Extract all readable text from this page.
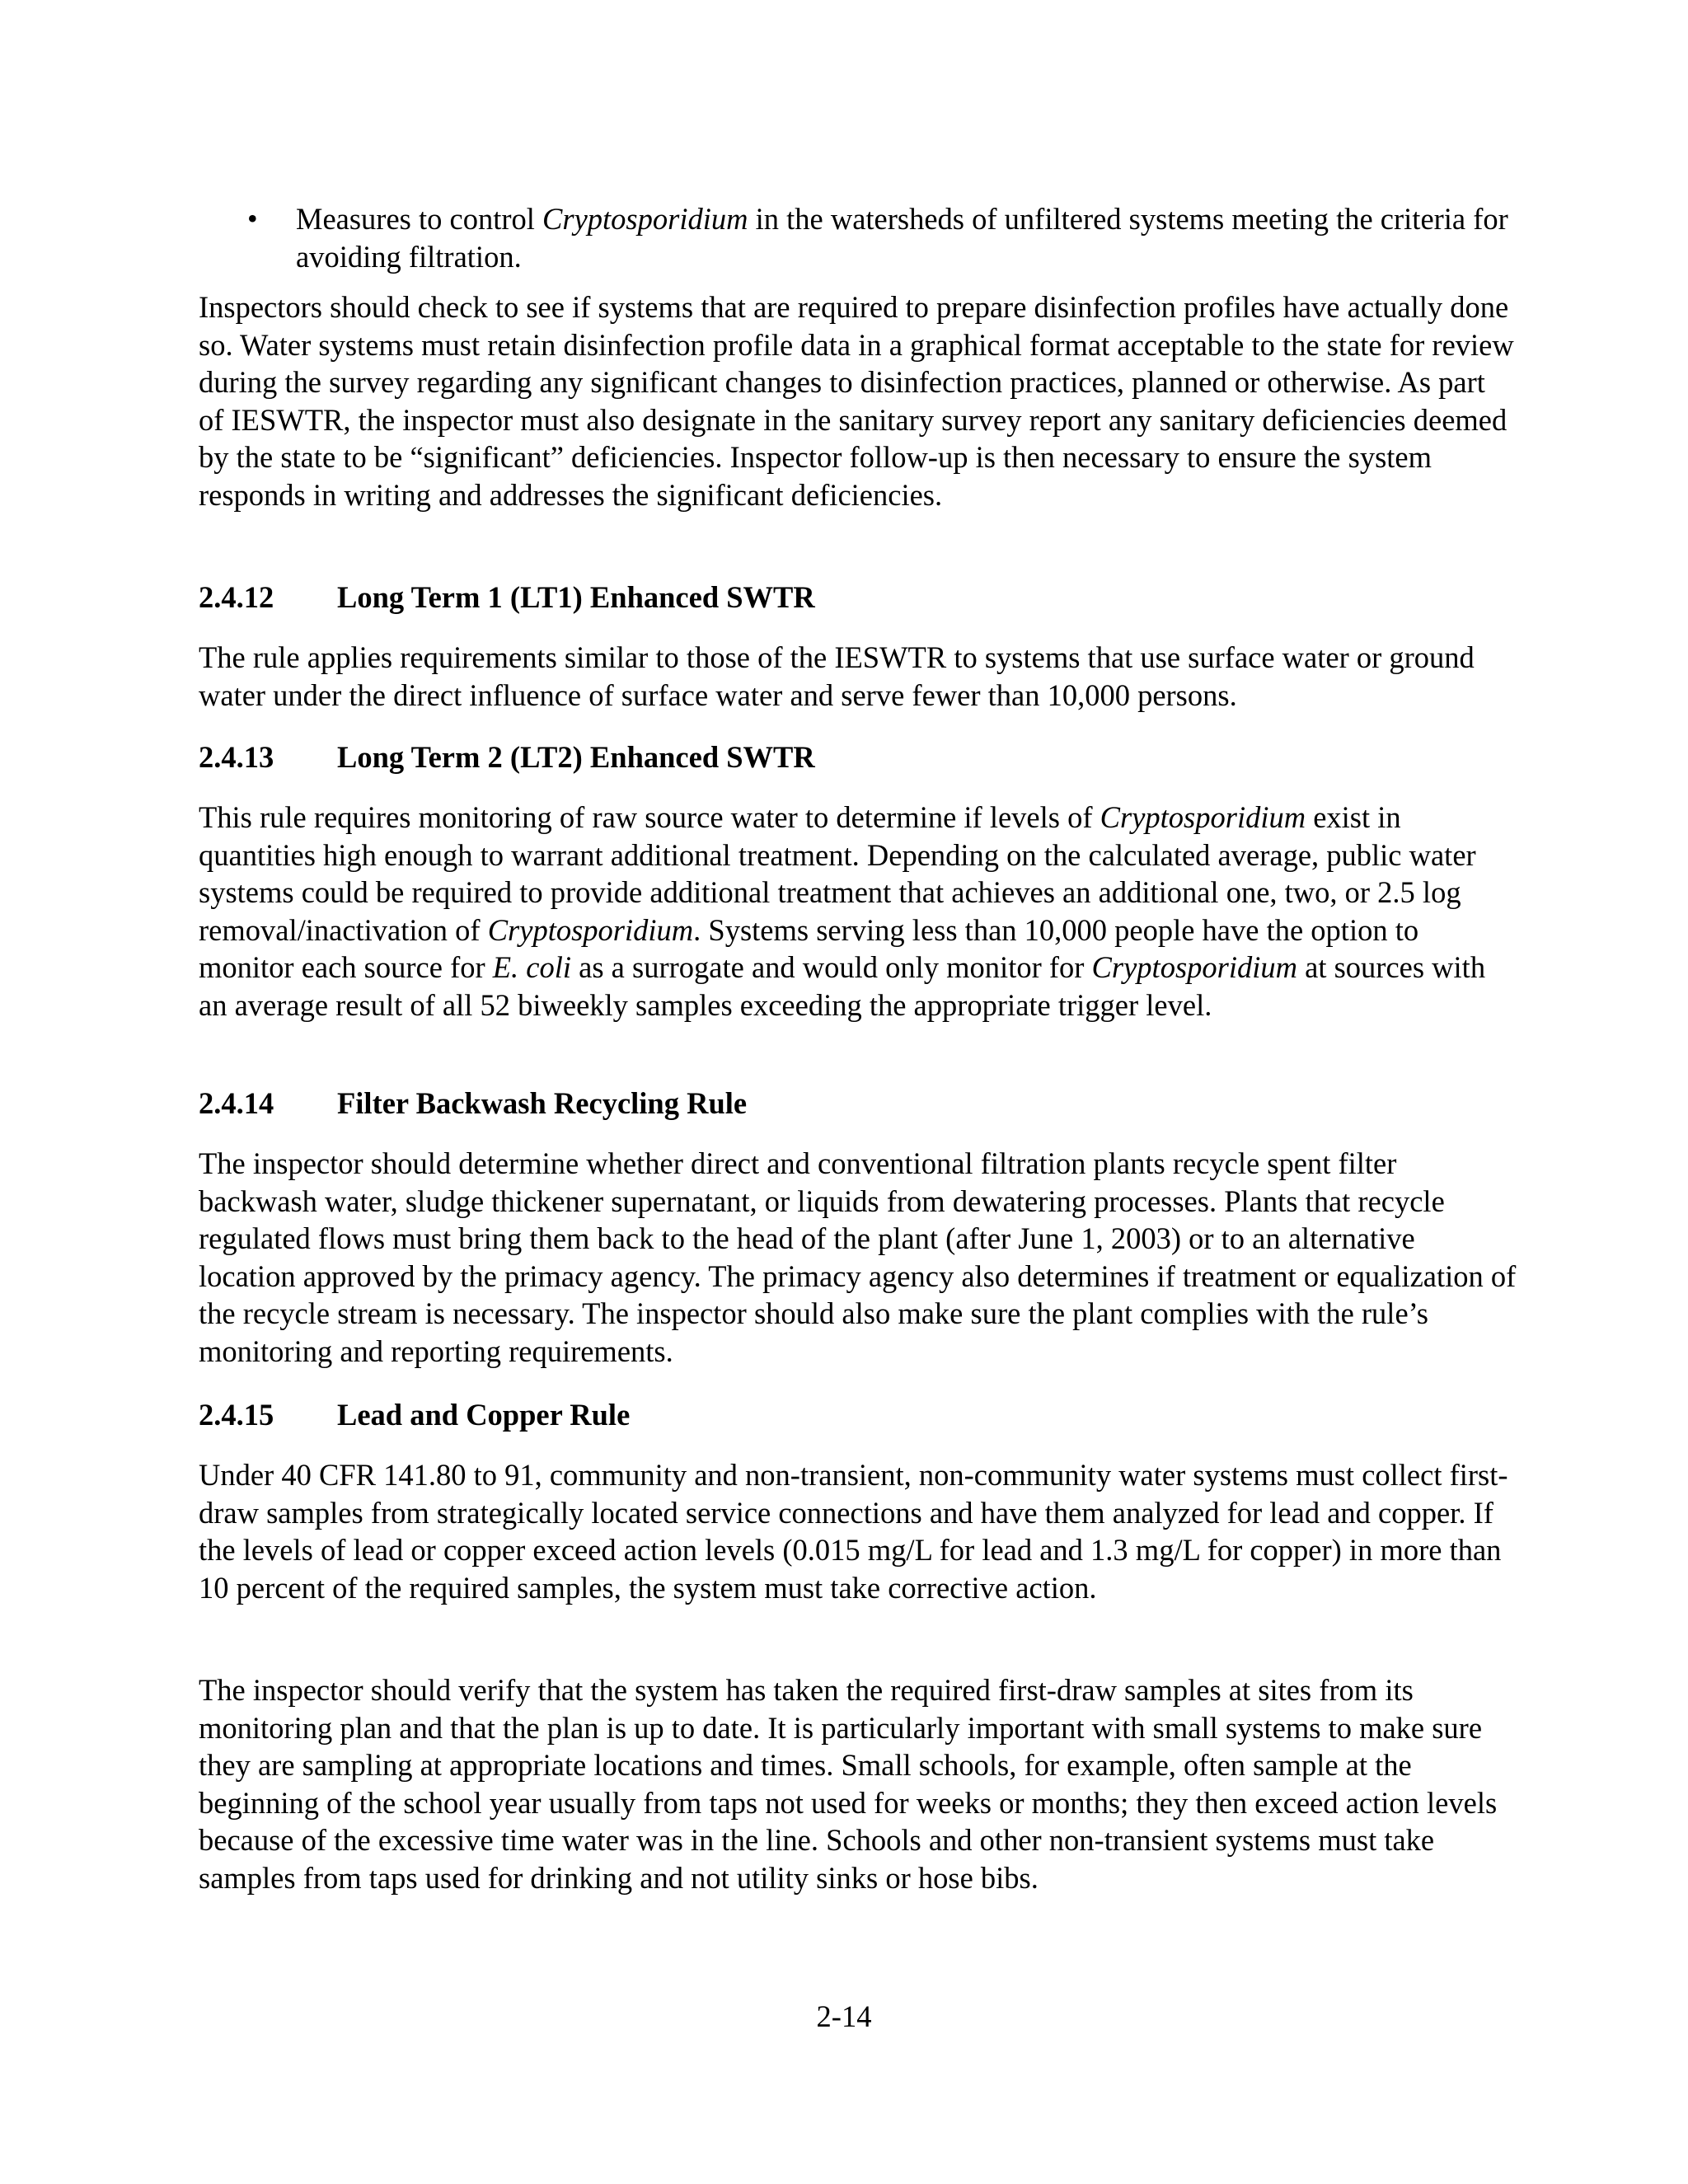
• Measures to control Cryptosporidium in the watersheds of unfiltered systems meeting the criteria for avoiding filtration.

Inspectors should check to see if systems that are required to prepare disinfection profiles have actually done so. Water systems must retain disinfection profile data in a graphical format acceptable to the state for review during the survey regarding any significant changes to disinfection practices, planned or otherwise. As part of IESWTR, the inspector must also designate in the sanitary survey report any sanitary deficiencies deemed by the state to be “significant” deficiencies. Inspector follow-up is then necessary to ensure the system responds in writing and addresses the significant deficiencies.

2.4.12 Long Term 1 (LT1) Enhanced SWTR

The rule applies requirements similar to those of the IESWTR to systems that use surface water or ground water under the direct influence of surface water and serve fewer than 10,000 persons.

2.4.13 Long Term 2 (LT2) Enhanced SWTR

This rule requires monitoring of raw source water to determine if levels of Cryptosporidium exist in quantities high enough to warrant additional treatment. Depending on the calculated average, public water systems could be required to provide additional treatment that achieves an additional one, two, or 2.5 log removal/inactivation of Cryptosporidium. Systems serving less than 10,000 people have the option to monitor each source for E. coli as a surrogate and would only monitor for Cryptosporidium at sources with an average result of all 52 biweekly samples exceeding the appropriate trigger level.

2.4.14 Filter Backwash Recycling Rule

The inspector should determine whether direct and conventional filtration plants recycle spent filter backwash water, sludge thickener supernatant, or liquids from dewatering processes. Plants that recycle regulated flows must bring them back to the head of the plant (after June 1, 2003) or to an alternative location approved by the primacy agency. The primacy agency also determines if treatment or equalization of the recycle stream is necessary. The inspector should also make sure the plant complies with the rule’s monitoring and reporting requirements.

2.4.15 Lead and Copper Rule

Under 40 CFR 141.80 to 91, community and non-transient, non-community water systems must collect first-draw samples from strategically located service connections and have them analyzed for lead and copper. If the levels of lead or copper exceed action levels (0.015 mg/L for lead and 1.3 mg/L for copper) in more than 10 percent of the required samples, the system must take corrective action.

The inspector should verify that the system has taken the required first-draw samples at sites from its monitoring plan and that the plan is up to date. It is particularly important with small systems to make sure they are sampling at appropriate locations and times. Small schools, for example, often sample at the beginning of the school year usually from taps not used for weeks or months; they then exceed action levels because of the excessive time water was in the line. Schools and other non-transient systems must take samples from taps used for drinking and not utility sinks or hose bibs.

2-14
